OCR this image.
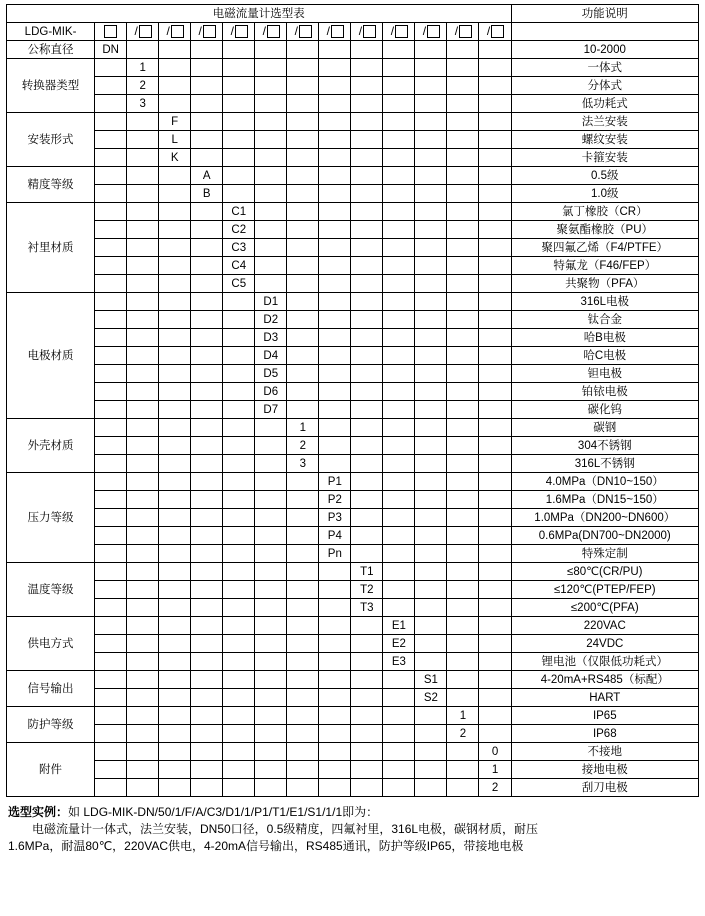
电磁流量计选型表														功能说明
LDG-MIK-		/	/	/	/	/	/	/	/	/	/	/	/	
公称直径	DN													10-2000
转换器类型		1												一体式
		2												分体式
		3												低功耗式
安装形式			F											法兰安装
			L											螺纹安装
			K											卡箍安装
精度等级				A										0.5级
				B										1.0级
衬里材质					C1									氯丁橡胶（CR）
					C2									聚氨酯橡胶（PU）
					C3									聚四氟乙烯（F4/PTFE）
					C4									特氟龙（F46/FEP）
					C5									共聚物（PFA）
电极材质						D1								316L电极
						D2								钛合金
						D3								哈B电极
						D4								哈C电极
						D5								钽电极
						D6								铂铱电极
						D7								碳化钨
外壳材质							1							碳钢
							2							304不锈钢
							3							316L不锈钢
压力等级								P1						4.0MPa（DN10~150）
								P2						1.6MPa（DN15~150）
								P3						1.0MPa（DN200~DN600）
								P4						0.6MPa(DN700~DN2000)
								Pn						特殊定制
温度等级									T1					≤80℃(CR/PU)
									T2					≤120℃(PTEP/FEP)
									T3					≤200℃(PFA)
供电方式										E1				220VAC
										E2				24VDC
										E3				锂电池（仅限低功耗式）
信号输出											S1			4-20mA+RS485（标配）
											S2			HART
防护等级												1		IP65
												2		IP68
附件													0	不接地
													1	接地电极
													2	刮刀电极
选型实例：如 LDG-MIK-DN/50/1/F/A/C3/D1/1/P1/T1/E1/S1/1/1即为：
电磁流量计一体式，法兰安装，DN50口径，0.5级精度，四氟衬里，316L电极，碳钢材质，耐压
1.6MPa，耐温80℃，220VAC供电，4-20mA信号输出，RS485通讯，防护等级IP65，带接地电极
